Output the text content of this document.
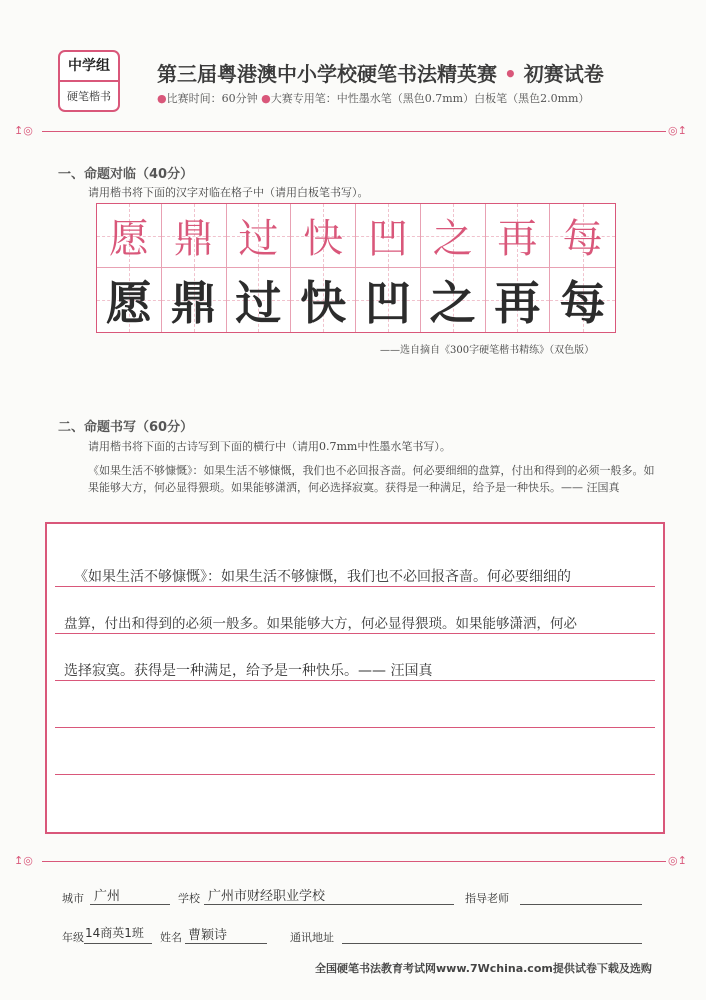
中学组
硬笔楷书
第三届粤港澳中小学校硬笔书法精英赛 • 初赛试卷
●比赛时间：60分钟 ●大赛专用笔：中性墨水笔（黑色0.7mm）白板笔（黑色2.0mm）
↥◎	◎↥
一、命题对临（40分）
请用楷书将下面的汉字对临在格子中（请用白板笔书写）。
愿 鼎 过 快 凹 之 再 每
愿 鼎 过 快 凹 之 再 每
——选自摘自《300字硬笔楷书精练》（双色版）
二、命题书写（60分）
请用楷书将下面的古诗写到下面的横行中（请用0.7mm中性墨水笔书写）。

《如果生活不够慷慨》：如果生活不够慷慨，我们也不必回报吝啬。何必要细细的盘算，付出和得到的必须一般多。如果能够大方，何必显得猥琐。如果能够潇洒，何必选择寂寞。获得是一种满足，给予是一种快乐。—— 汪国真

《如果生活不够慷慨》：如果生活不够慷慨，我们也不必回报吝啬。何必要细细的
盘算，付出和得到的必须一般多。如果能够大方，何必显得猥琐。如果能够潇洒，何必
选择寂寞。获得是一种满足，给予是一种快乐。—— 汪国真
↥◎	◎↥
城市 广州	学校 广州市财经职业学校	指导老师
年级 14商英1班 姓名 曹颖诗	通讯地址
全国硬笔书法教育考试网www.7Wchina.com提供试卷下载及选购
